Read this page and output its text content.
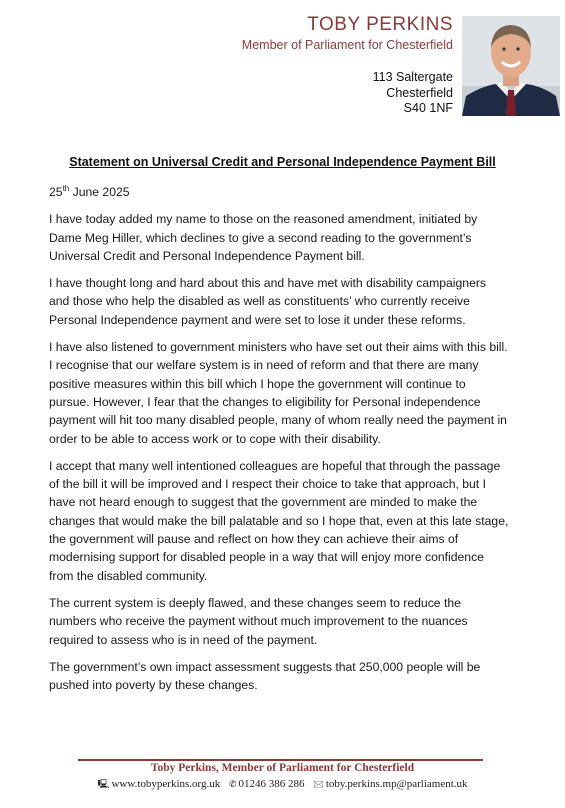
TOBY PERKINS
Member of Parliament for Chesterfield
113 Saltergate
Chesterfield
S40 1NF
Statement on Universal Credit and Personal Independence Payment Bill

25th June 2025

I have today added my name to those on the reasoned amendment, initiated by Dame Meg Hiller, which declines to give a second reading to the government’s Universal Credit and Personal Independence Payment bill.

I have thought long and hard about this and have met with disability campaigners and those who help the disabled as well as constituents’ who currently receive Personal Independence payment and were set to lose it under these reforms.

I have also listened to government ministers who have set out their aims with this bill. I recognise that our welfare system is in need of reform and that there are many positive measures within this bill which I hope the government will continue to pursue. However, I fear that the changes to eligibility for Personal independence payment will hit too many disabled people, many of whom really need the payment in order to be able to access work or to cope with their disability.

I accept that many well intentioned colleagues are hopeful that through the passage of the bill it will be improved and I respect their choice to take that approach, but I have not heard enough to suggest that the government are minded to make the changes that would make the bill palatable and so I hope that, even at this late stage, the government will pause and reflect on how they can achieve their aims of modernising support for disabled people in a way that will enjoy more confidence from the disabled community.

The current system is deeply flawed, and these changes seem to reduce the numbers who receive the payment without much improvement to the nuances required to assess who is in need of the payment.

The government’s own impact assessment suggests that 250,000 people will be pushed into poverty by these changes.

Toby Perkins, Member of Parliament for Chesterfield
🖳 www.tobyperkins.org.uk ✆ 01246 386 286 🖂 toby.perkins.mp@parliament.uk
